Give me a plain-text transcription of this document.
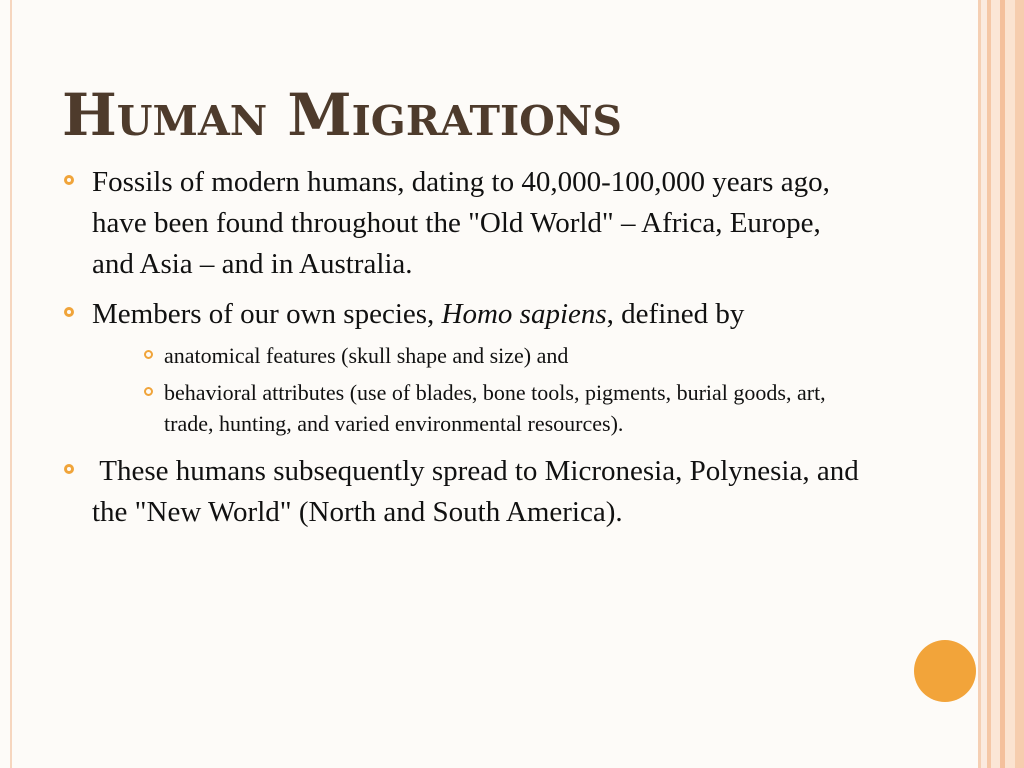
Human Migrations
Fossils of modern humans, dating to 40,000-100,000 years ago, have been found throughout the "Old World" – Africa, Europe, and Asia – and in Australia.
Members of our own species, Homo sapiens, defined by
anatomical features (skull shape and size) and
behavioral attributes (use of blades, bone tools, pigments, burial goods, art, trade, hunting, and varied environmental resources).
These humans subsequently spread to Micronesia, Polynesia, and the "New World" (North and South America).
